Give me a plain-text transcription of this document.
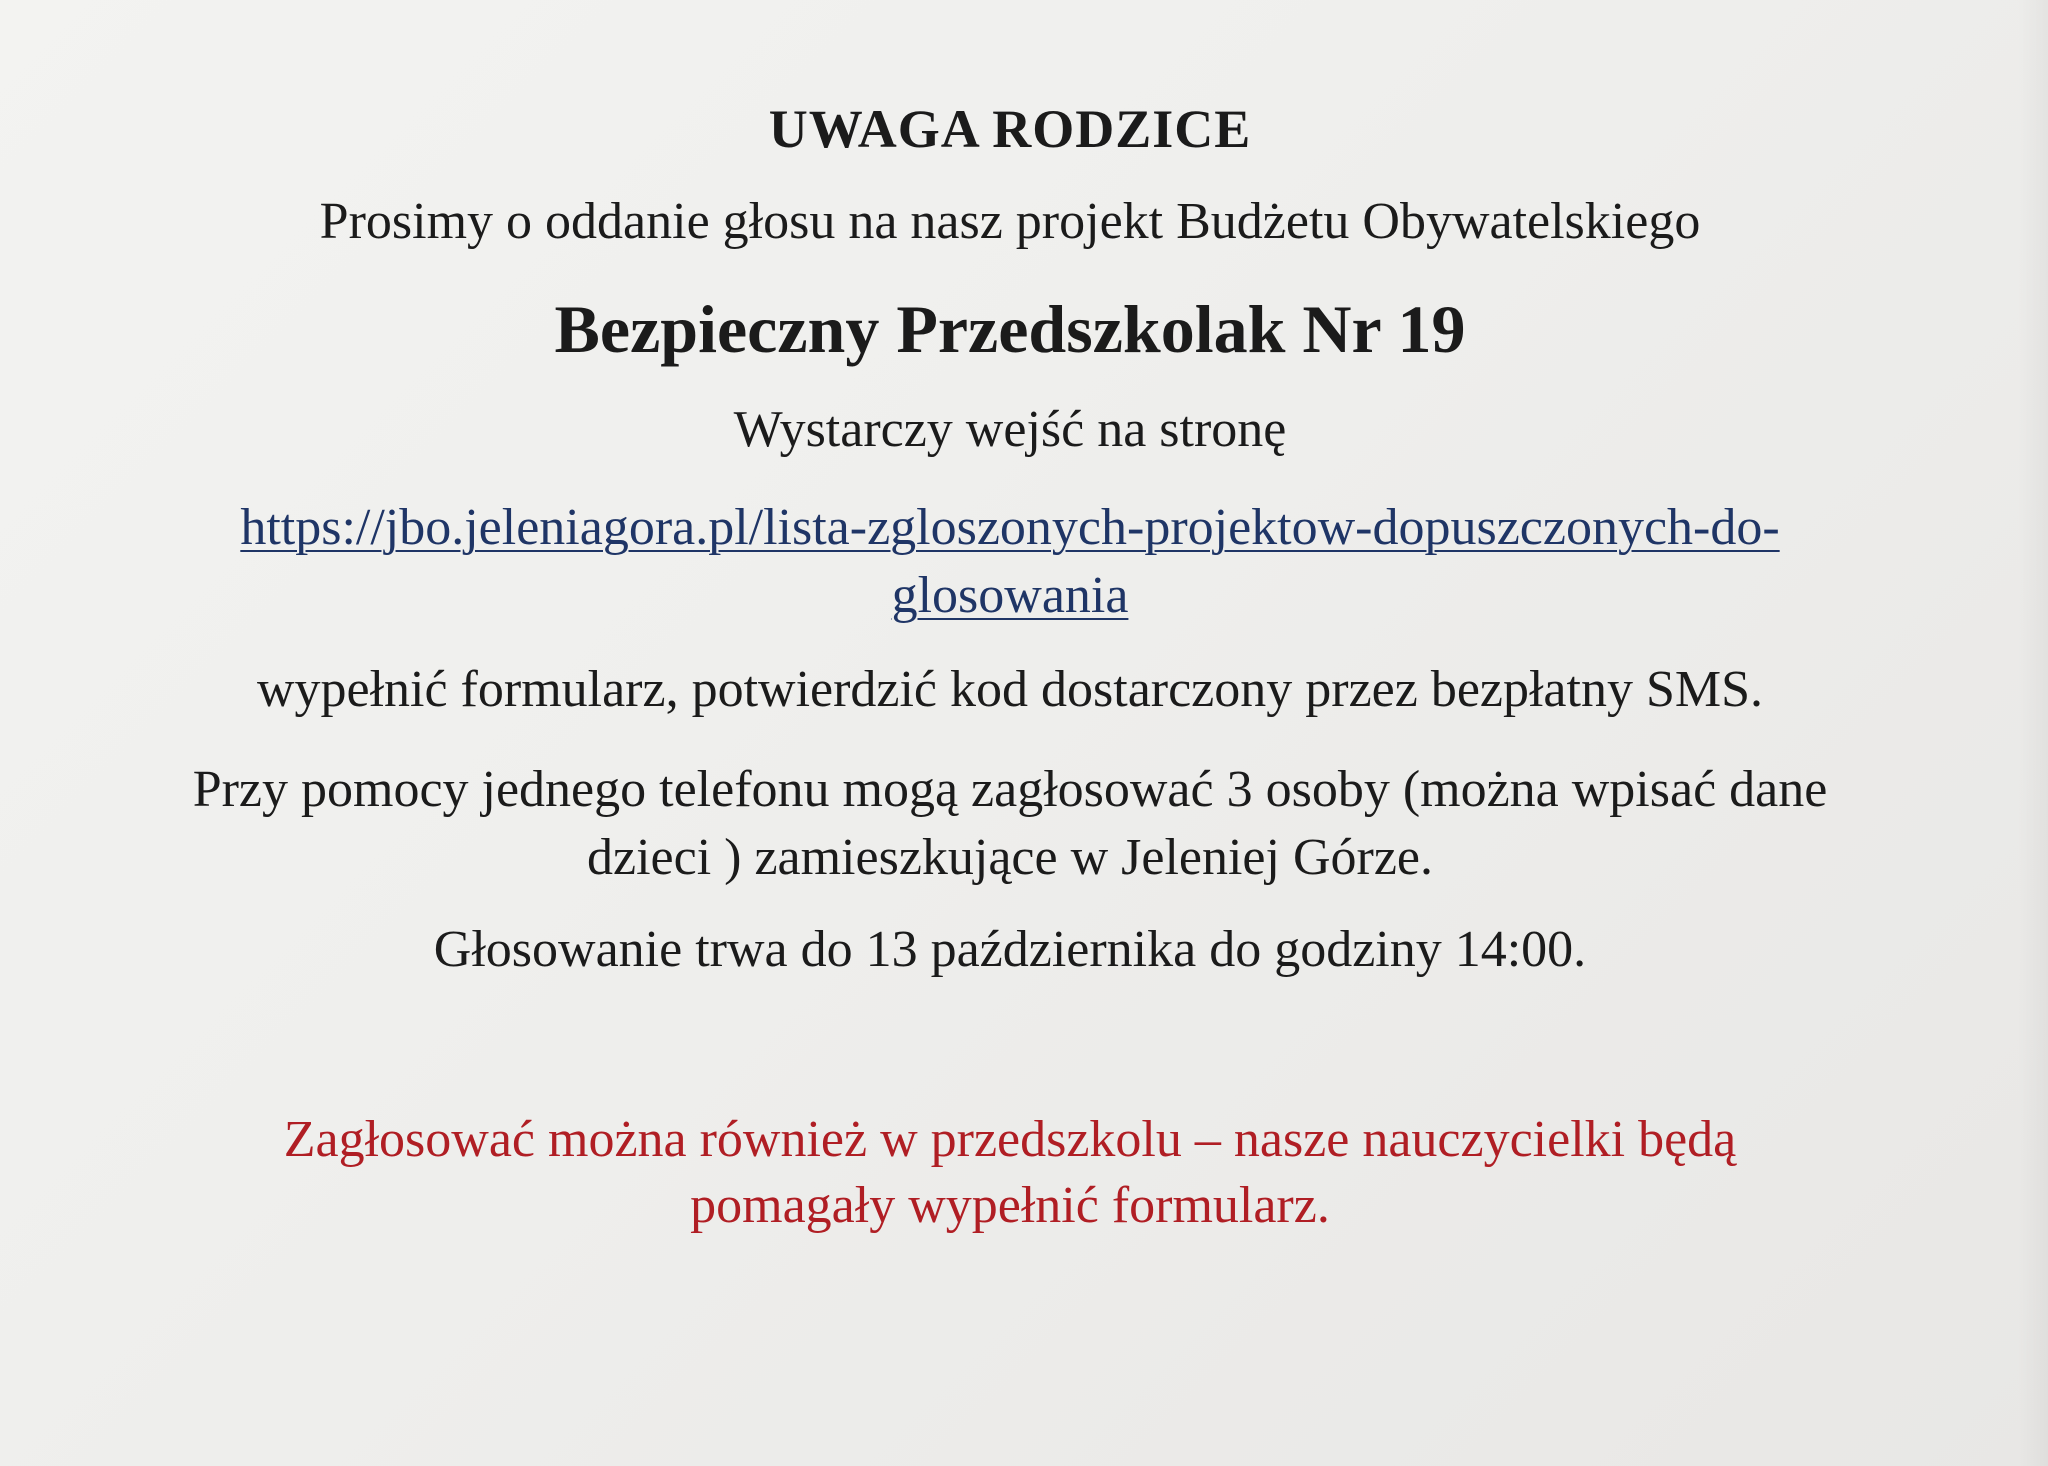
UWAGA RODZICE
Prosimy o oddanie głosu na nasz projekt Budżetu Obywatelskiego
Bezpieczny Przedszkolak Nr 19
Wystarczy wejść na stronę
https://jbo.jeleniagora.pl/lista-zgloszonych-projektow-dopuszczonych-do-
glosowania
wypełnić formularz, potwierdzić kod dostarczony przez bezpłatny SMS.
Przy pomocy jednego telefonu mogą zagłosować 3 osoby (można wpisać dane
dzieci ) zamieszkujące w Jeleniej Górze.
Głosowanie trwa do 13 października do godziny 14:00.
Zagłosować można również w przedszkolu – nasze nauczycielki będą
pomagały wypełnić formularz.
